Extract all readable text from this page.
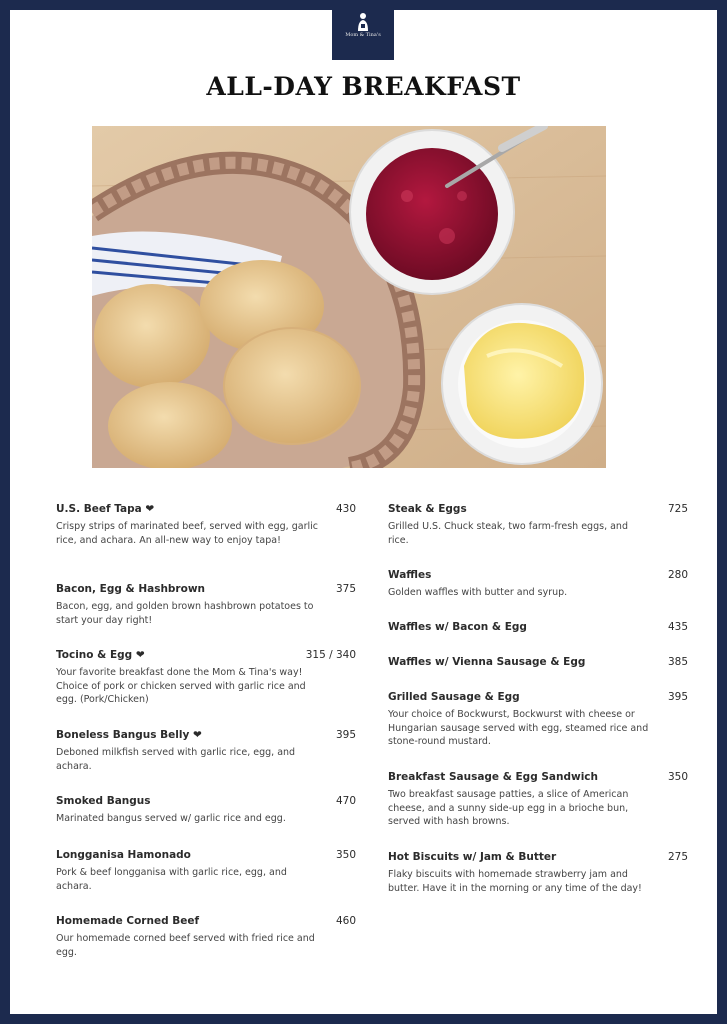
Mom & Tina's
ALL-DAY BREAKFAST
U.S. Beef Tapa ❤	430
Crispy strips of marinated beef, served with egg, garlic rice, and achara. An all-new way to enjoy tapa!
Bacon, Egg & Hashbrown	375
Bacon, egg, and golden brown hashbrown potatoes to start your day right!
Tocino & Egg ❤	315 / 340
Your favorite breakfast done the Mom & Tina's way! Choice of pork or chicken served with garlic rice and egg. (Pork/Chicken)
Boneless Bangus Belly ❤	395
Deboned milkfish served with garlic rice, egg, and achara.
Smoked Bangus	470
Marinated bangus served w/ garlic rice and egg.
Longganisa Hamonado	350
Pork & beef longganisa with garlic rice, egg, and achara.
Homemade Corned Beef	460
Our homemade corned beef served with fried rice and egg.
Steak & Eggs	725
Grilled U.S. Chuck steak, two farm-fresh eggs, and rice.
Waffles	280
Golden waffles with butter and syrup.
Waffles w/ Bacon & Egg	435
Waffles w/ Vienna Sausage & Egg	385
Grilled Sausage & Egg	395
Your choice of Bockwurst, Bockwurst with cheese or Hungarian sausage served with egg, steamed rice and stone-round mustard.
Breakfast Sausage & Egg Sandwich	350
Two breakfast sausage patties, a slice of American cheese, and a sunny side-up egg in a brioche bun, served with hash browns.
Hot Biscuits w/ Jam & Butter	275
Flaky biscuits with homemade strawberry jam and butter. Have it in the morning or any time of the day!
